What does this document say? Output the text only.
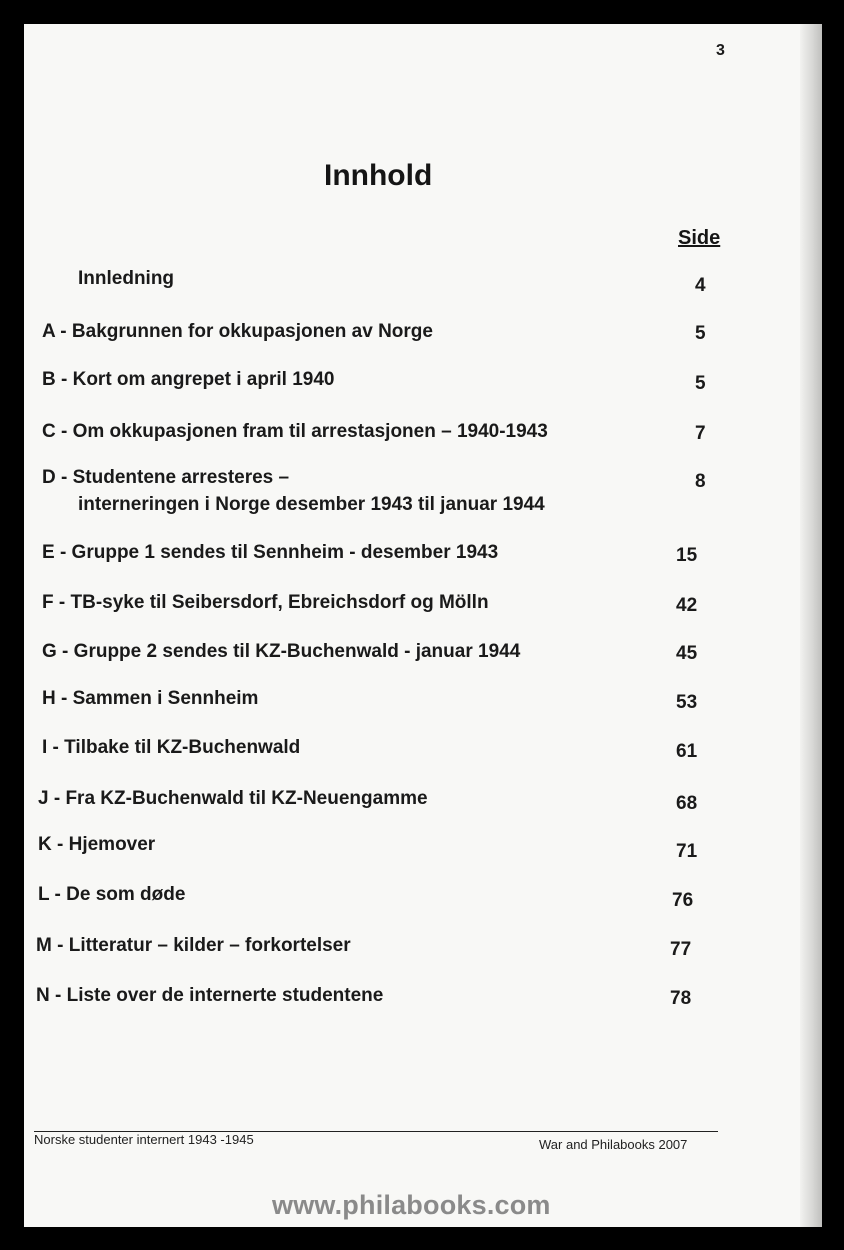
3
Innhold
Side
Innledning	4
A - Bakgrunnen for okkupasjonen av Norge	5
B - Kort om angrepet i april 1940	5
C - Om okkupasjonen fram til arrestasjonen – 1940-1943	7
D - Studentene arresteres –
interneringen i Norge desember 1943 til januar 1944
8
E - Gruppe 1 sendes til Sennheim - desember 1943	15
F - TB-syke til Seibersdorf, Ebreichsdorf og Mölln	42
G - Gruppe 2 sendes til KZ-Buchenwald - januar 1944	45
H - Sammen i Sennheim	53
I - Tilbake til KZ-Buchenwald	61
J - Fra KZ-Buchenwald til KZ-Neuengamme	68
K - Hjemover	71
L - De som døde	76
M - Litteratur – kilder – forkortelser	77
N - Liste over de internerte studentene	78
Norske studenter internert 1943 -1945	War and Philabooks 2007
www.philabooks.com
